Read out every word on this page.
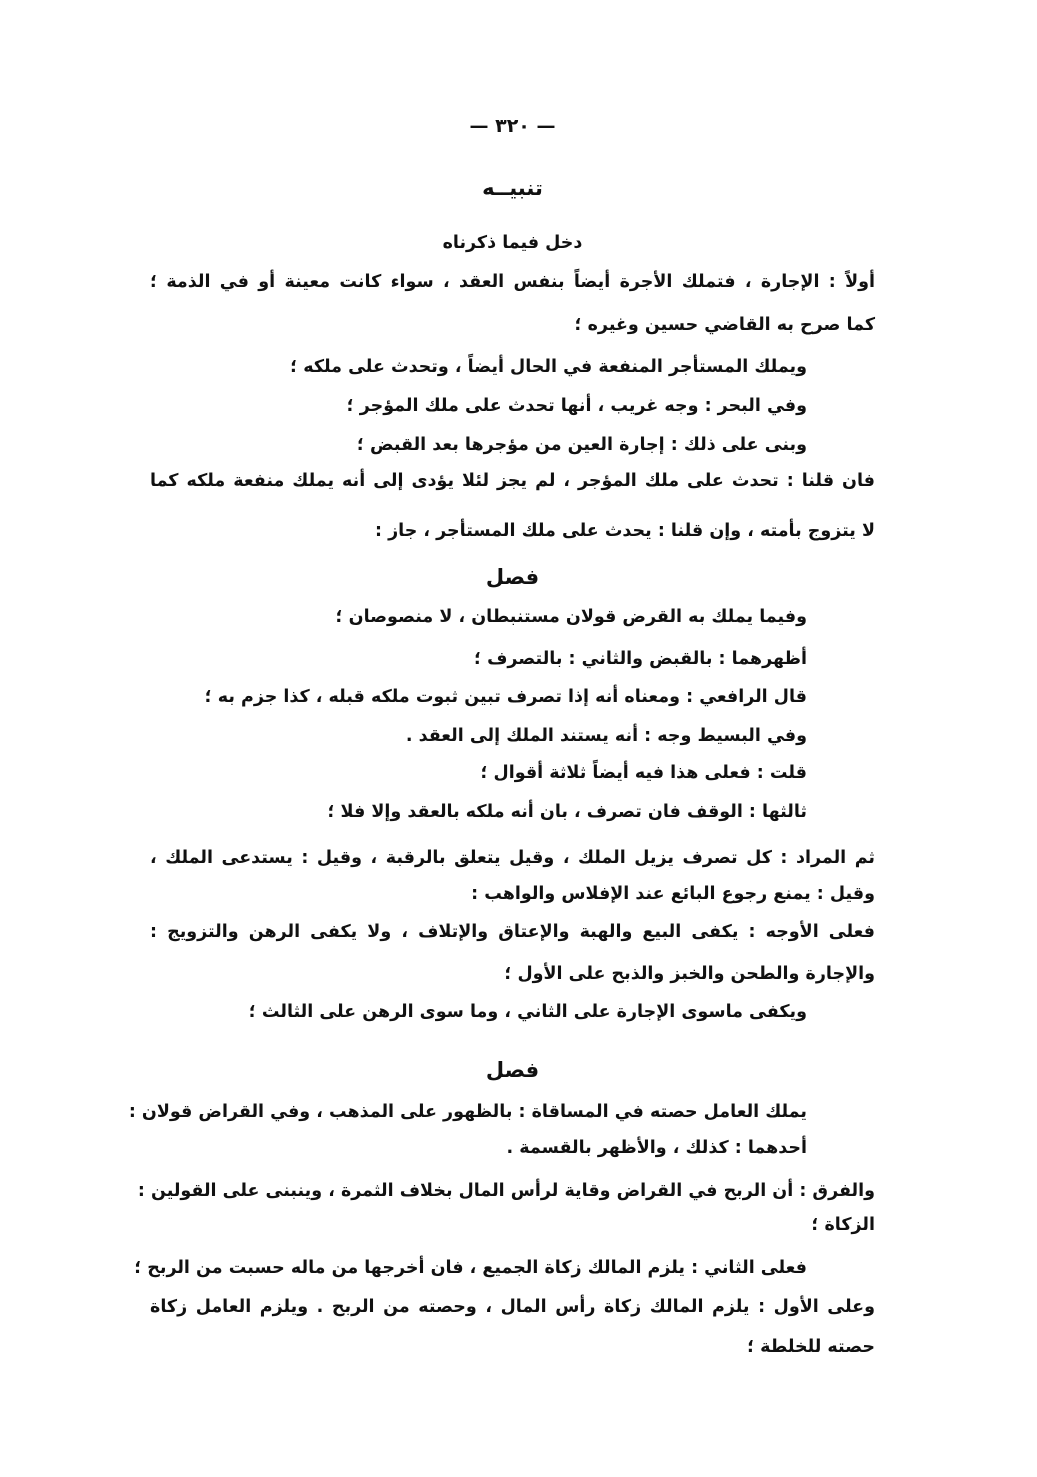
— ٣٢٠ —
تنبيــه
دخل فيما ذكرناه
أولاً : الإجارة ، فتملك الأجرة أيضاً بنفس العقد ، سواء كانت معينة أو في الذمة ؛
كما صرح به القاضي حسين وغيره ؛
ويملك المستأجر المنفعة في الحال أيضاً ، وتحدث على ملكه ؛
وفي البحر : وجه غريب ، أنها تحدث على ملك المؤجر ؛
وبنى على ذلك : إجارة العين من مؤجرها بعد القبض ؛
فان قلنا : تحدث على ملك المؤجر ، لم يجز لئلا يؤدى إلى أنه يملك منفعة ملكه كما
لا يتزوج بأمته ، وإن قلنا : يحدث على ملك المستأجر ، جاز :
فصل
وفيما يملك به القرض قولان مستنبطان ، لا منصوصان ؛
أظهرهما : بالقبض والثاني : بالتصرف ؛
قال الرافعي : ومعناه أنه إذا تصرف تبين ثبوت ملكه قبله ، كذا جزم به ؛
وفي البسيط وجه : أنه يستند الملك إلى العقد .
قلت : فعلى هذا فيه أيضاً ثلاثة أقوال ؛
ثالثها : الوقف فان تصرف ، بان أنه ملكه بالعقد وإلا فلا ؛
ثم المراد : كل تصرف يزيل الملك ، وقيل يتعلق بالرقبة ، وقيل : يستدعى الملك ،
وقيل : يمنع رجوع البائع عند الإفلاس والواهب :
فعلى الأوجه : يكفى البيع والهبة والإعتاق والإتلاف ، ولا يكفى الرهن والتزويج :
والإجارة والطحن والخبز والذبح على الأول ؛
ويكفى ماسوى الإجارة على الثاني ، وما سوى الرهن على الثالث ؛
فصل
يملك العامل حصته في المساقاة : بالظهور على المذهب ، وفي القراض قولان :
أحدهما : كذلك ، والأظهر بالقسمة .
والفرق : أن الربح في القراض وقاية لرأس المال بخلاف الثمرة ، وينبنى على القولين :
الزكاة ؛
فعلى الثاني : يلزم المالك زكاة الجميع ، فان أخرجها من ماله حسبت من الربح ؛
وعلى الأول : يلزم المالك زكاة رأس المال ، وحصته من الربح . ويلزم العامل زكاة
حصته للخلطة ؛
